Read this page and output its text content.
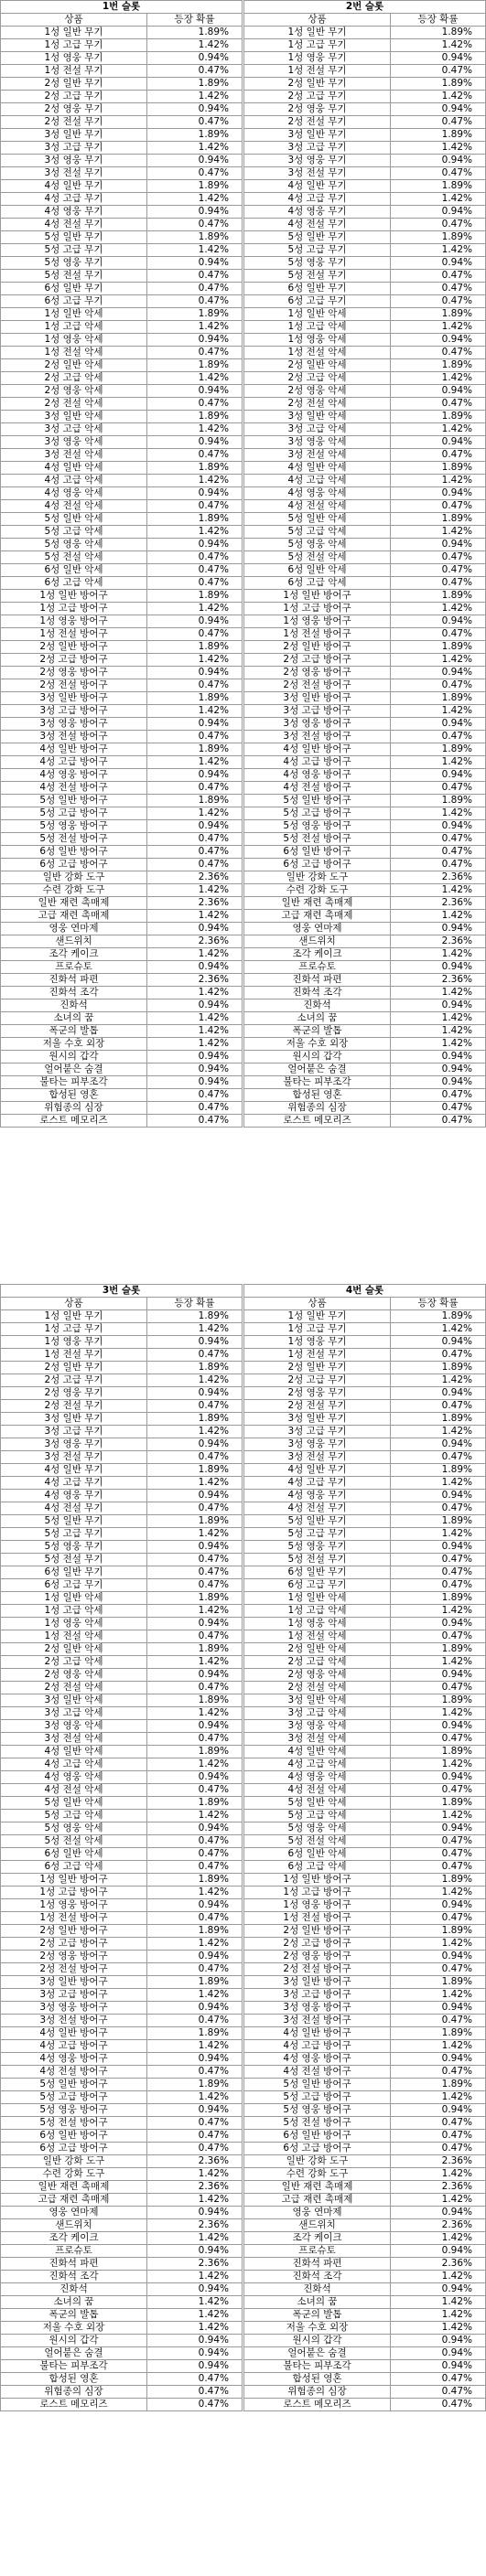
1번 슬롯	
상품	등장 확률
1성 일반 무기	1.89%
1성 고급 무기	1.42%
1성 영웅 무기	0.94%
1성 전설 무기	0.47%
2성 일반 무기	1.89%
2성 고급 무기	1.42%
2성 영웅 무기	0.94%
2성 전설 무기	0.47%
3성 일반 무기	1.89%
3성 고급 무기	1.42%
3성 영웅 무기	0.94%
3성 전설 무기	0.47%
4성 일반 무기	1.89%
4성 고급 무기	1.42%
4성 영웅 무기	0.94%
4성 전설 무기	0.47%
5성 일반 무기	1.89%
5성 고급 무기	1.42%
5성 영웅 무기	0.94%
5성 전설 무기	0.47%
6성 일반 무기	0.47%
6성 고급 무기	0.47%
1성 일반 악세	1.89%
1성 고급 악세	1.42%
1성 영웅 악세	0.94%
1성 전설 악세	0.47%
2성 일반 악세	1.89%
2성 고급 악세	1.42%
2성 영웅 악세	0.94%
2성 전설 악세	0.47%
3성 일반 악세	1.89%
3성 고급 악세	1.42%
3성 영웅 악세	0.94%
3성 전설 악세	0.47%
4성 일반 악세	1.89%
4성 고급 악세	1.42%
4성 영웅 악세	0.94%
4성 전설 악세	0.47%
5성 일반 악세	1.89%
5성 고급 악세	1.42%
5성 영웅 악세	0.94%
5성 전설 악세	0.47%
6성 일반 악세	0.47%
6성 고급 악세	0.47%
1성 일반 방어구	1.89%
1성 고급 방어구	1.42%
1성 영웅 방어구	0.94%
1성 전설 방어구	0.47%
2성 일반 방어구	1.89%
2성 고급 방어구	1.42%
2성 영웅 방어구	0.94%
2성 전설 방어구	0.47%
3성 일반 방어구	1.89%
3성 고급 방어구	1.42%
3성 영웅 방어구	0.94%
3성 전설 방어구	0.47%
4성 일반 방어구	1.89%
4성 고급 방어구	1.42%
4성 영웅 방어구	0.94%
4성 전설 방어구	0.47%
5성 일반 방어구	1.89%
5성 고급 방어구	1.42%
5성 영웅 방어구	0.94%
5성 전설 방어구	0.47%
6성 일반 방어구	0.47%
6성 고급 방어구	0.47%
일반 강화 도구	2.36%
수련 강화 도구	1.42%
일반 재련 촉매제	2.36%
고급 재련 촉매제	1.42%
영웅 연마제	0.94%
샌드위치	2.36%
조각 케이크	1.42%
프로슈토	0.94%
진화석 파편	2.36%
진화석 조각	1.42%
진화석	0.94%
소녀의 꿈	1.42%
폭군의 발톱	1.42%
저울 수호 외장	1.42%
원시의 갑각	0.94%
얼어붙은 숨결	0.94%
불타는 피부조각	0.94%
합성된 영혼	0.47%
위험종의 심장	0.47%
로스트 메모리즈	0.47%
2번 슬롯	
상품	등장 확률
1성 일반 무기	1.89%
1성 고급 무기	1.42%
1성 영웅 무기	0.94%
1성 전설 무기	0.47%
2성 일반 무기	1.89%
2성 고급 무기	1.42%
2성 영웅 무기	0.94%
2성 전설 무기	0.47%
3성 일반 무기	1.89%
3성 고급 무기	1.42%
3성 영웅 무기	0.94%
3성 전설 무기	0.47%
4성 일반 무기	1.89%
4성 고급 무기	1.42%
4성 영웅 무기	0.94%
4성 전설 무기	0.47%
5성 일반 무기	1.89%
5성 고급 무기	1.42%
5성 영웅 무기	0.94%
5성 전설 무기	0.47%
6성 일반 무기	0.47%
6성 고급 무기	0.47%
1성 일반 악세	1.89%
1성 고급 악세	1.42%
1성 영웅 악세	0.94%
1성 전설 악세	0.47%
2성 일반 악세	1.89%
2성 고급 악세	1.42%
2성 영웅 악세	0.94%
2성 전설 악세	0.47%
3성 일반 악세	1.89%
3성 고급 악세	1.42%
3성 영웅 악세	0.94%
3성 전설 악세	0.47%
4성 일반 악세	1.89%
4성 고급 악세	1.42%
4성 영웅 악세	0.94%
4성 전설 악세	0.47%
5성 일반 악세	1.89%
5성 고급 악세	1.42%
5성 영웅 악세	0.94%
5성 전설 악세	0.47%
6성 일반 악세	0.47%
6성 고급 악세	0.47%
1성 일반 방어구	1.89%
1성 고급 방어구	1.42%
1성 영웅 방어구	0.94%
1성 전설 방어구	0.47%
2성 일반 방어구	1.89%
2성 고급 방어구	1.42%
2성 영웅 방어구	0.94%
2성 전설 방어구	0.47%
3성 일반 방어구	1.89%
3성 고급 방어구	1.42%
3성 영웅 방어구	0.94%
3성 전설 방어구	0.47%
4성 일반 방어구	1.89%
4성 고급 방어구	1.42%
4성 영웅 방어구	0.94%
4성 전설 방어구	0.47%
5성 일반 방어구	1.89%
5성 고급 방어구	1.42%
5성 영웅 방어구	0.94%
5성 전설 방어구	0.47%
6성 일반 방어구	0.47%
6성 고급 방어구	0.47%
일반 강화 도구	2.36%
수련 강화 도구	1.42%
일반 재련 촉매제	2.36%
고급 재련 촉매제	1.42%
영웅 연마제	0.94%
샌드위치	2.36%
조각 케이크	1.42%
프로슈토	0.94%
진화석 파편	2.36%
진화석 조각	1.42%
진화석	0.94%
소녀의 꿈	1.42%
폭군의 발톱	1.42%
저울 수호 외장	1.42%
원시의 갑각	0.94%
얼어붙은 숨결	0.94%
불타는 피부조각	0.94%
합성된 영혼	0.47%
위험종의 심장	0.47%
로스트 메모리즈	0.47%
3번 슬롯	
상품	등장 확률
1성 일반 무기	1.89%
1성 고급 무기	1.42%
1성 영웅 무기	0.94%
1성 전설 무기	0.47%
2성 일반 무기	1.89%
2성 고급 무기	1.42%
2성 영웅 무기	0.94%
2성 전설 무기	0.47%
3성 일반 무기	1.89%
3성 고급 무기	1.42%
3성 영웅 무기	0.94%
3성 전설 무기	0.47%
4성 일반 무기	1.89%
4성 고급 무기	1.42%
4성 영웅 무기	0.94%
4성 전설 무기	0.47%
5성 일반 무기	1.89%
5성 고급 무기	1.42%
5성 영웅 무기	0.94%
5성 전설 무기	0.47%
6성 일반 무기	0.47%
6성 고급 무기	0.47%
1성 일반 악세	1.89%
1성 고급 악세	1.42%
1성 영웅 악세	0.94%
1성 전설 악세	0.47%
2성 일반 악세	1.89%
2성 고급 악세	1.42%
2성 영웅 악세	0.94%
2성 전설 악세	0.47%
3성 일반 악세	1.89%
3성 고급 악세	1.42%
3성 영웅 악세	0.94%
3성 전설 악세	0.47%
4성 일반 악세	1.89%
4성 고급 악세	1.42%
4성 영웅 악세	0.94%
4성 전설 악세	0.47%
5성 일반 악세	1.89%
5성 고급 악세	1.42%
5성 영웅 악세	0.94%
5성 전설 악세	0.47%
6성 일반 악세	0.47%
6성 고급 악세	0.47%
1성 일반 방어구	1.89%
1성 고급 방어구	1.42%
1성 영웅 방어구	0.94%
1성 전설 방어구	0.47%
2성 일반 방어구	1.89%
2성 고급 방어구	1.42%
2성 영웅 방어구	0.94%
2성 전설 방어구	0.47%
3성 일반 방어구	1.89%
3성 고급 방어구	1.42%
3성 영웅 방어구	0.94%
3성 전설 방어구	0.47%
4성 일반 방어구	1.89%
4성 고급 방어구	1.42%
4성 영웅 방어구	0.94%
4성 전설 방어구	0.47%
5성 일반 방어구	1.89%
5성 고급 방어구	1.42%
5성 영웅 방어구	0.94%
5성 전설 방어구	0.47%
6성 일반 방어구	0.47%
6성 고급 방어구	0.47%
일반 강화 도구	2.36%
수련 강화 도구	1.42%
일반 재련 촉매제	2.36%
고급 재련 촉매제	1.42%
영웅 연마제	0.94%
샌드위치	2.36%
조각 케이크	1.42%
프로슈토	0.94%
진화석 파편	2.36%
진화석 조각	1.42%
진화석	0.94%
소녀의 꿈	1.42%
폭군의 발톱	1.42%
저울 수호 외장	1.42%
원시의 갑각	0.94%
얼어붙은 숨결	0.94%
불타는 피부조각	0.94%
합성된 영혼	0.47%
위험종의 심장	0.47%
로스트 메모리즈	0.47%
4번 슬롯	
상품	등장 확률
1성 일반 무기	1.89%
1성 고급 무기	1.42%
1성 영웅 무기	0.94%
1성 전설 무기	0.47%
2성 일반 무기	1.89%
2성 고급 무기	1.42%
2성 영웅 무기	0.94%
2성 전설 무기	0.47%
3성 일반 무기	1.89%
3성 고급 무기	1.42%
3성 영웅 무기	0.94%
3성 전설 무기	0.47%
4성 일반 무기	1.89%
4성 고급 무기	1.42%
4성 영웅 무기	0.94%
4성 전설 무기	0.47%
5성 일반 무기	1.89%
5성 고급 무기	1.42%
5성 영웅 무기	0.94%
5성 전설 무기	0.47%
6성 일반 무기	0.47%
6성 고급 무기	0.47%
1성 일반 악세	1.89%
1성 고급 악세	1.42%
1성 영웅 악세	0.94%
1성 전설 악세	0.47%
2성 일반 악세	1.89%
2성 고급 악세	1.42%
2성 영웅 악세	0.94%
2성 전설 악세	0.47%
3성 일반 악세	1.89%
3성 고급 악세	1.42%
3성 영웅 악세	0.94%
3성 전설 악세	0.47%
4성 일반 악세	1.89%
4성 고급 악세	1.42%
4성 영웅 악세	0.94%
4성 전설 악세	0.47%
5성 일반 악세	1.89%
5성 고급 악세	1.42%
5성 영웅 악세	0.94%
5성 전설 악세	0.47%
6성 일반 악세	0.47%
6성 고급 악세	0.47%
1성 일반 방어구	1.89%
1성 고급 방어구	1.42%
1성 영웅 방어구	0.94%
1성 전설 방어구	0.47%
2성 일반 방어구	1.89%
2성 고급 방어구	1.42%
2성 영웅 방어구	0.94%
2성 전설 방어구	0.47%
3성 일반 방어구	1.89%
3성 고급 방어구	1.42%
3성 영웅 방어구	0.94%
3성 전설 방어구	0.47%
4성 일반 방어구	1.89%
4성 고급 방어구	1.42%
4성 영웅 방어구	0.94%
4성 전설 방어구	0.47%
5성 일반 방어구	1.89%
5성 고급 방어구	1.42%
5성 영웅 방어구	0.94%
5성 전설 방어구	0.47%
6성 일반 방어구	0.47%
6성 고급 방어구	0.47%
일반 강화 도구	2.36%
수련 강화 도구	1.42%
일반 재련 촉매제	2.36%
고급 재련 촉매제	1.42%
영웅 연마제	0.94%
샌드위치	2.36%
조각 케이크	1.42%
프로슈토	0.94%
진화석 파편	2.36%
진화석 조각	1.42%
진화석	0.94%
소녀의 꿈	1.42%
폭군의 발톱	1.42%
저울 수호 외장	1.42%
원시의 갑각	0.94%
얼어붙은 숨결	0.94%
불타는 피부조각	0.94%
합성된 영혼	0.47%
위험종의 심장	0.47%
로스트 메모리즈	0.47%
